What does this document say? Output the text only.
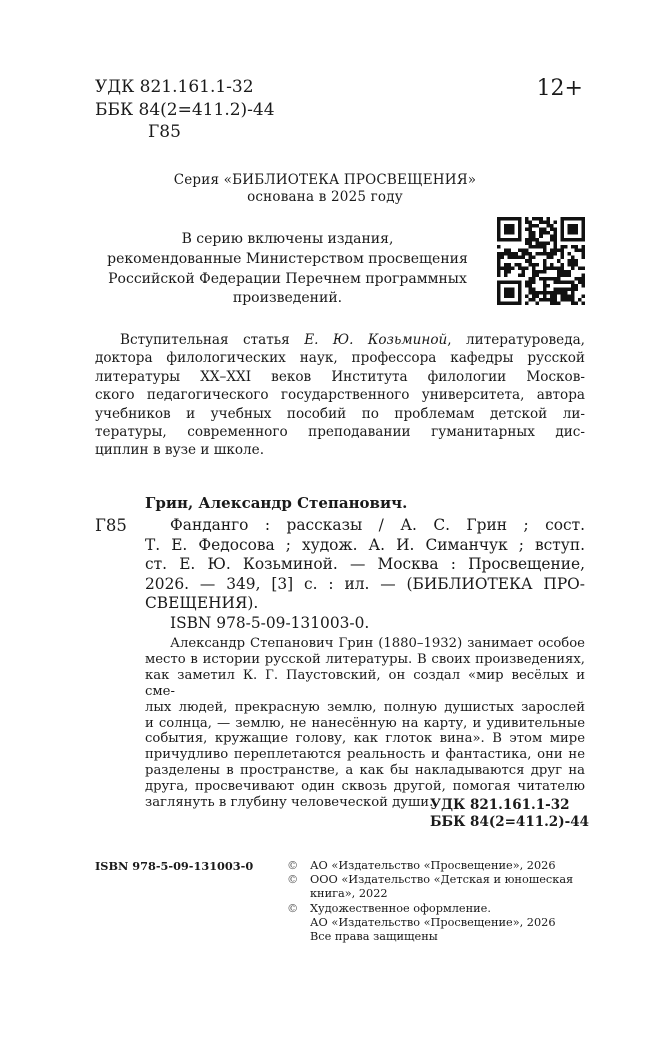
УДК 821.161.1-32
ББК 84(2=411.2)-44
Г85
12+
Серия «БИБЛИОТЕКА ПРОСВЕЩЕНИЯ»
основана в 2025 году
В серию включены издания,
рекомендованные Министерством просвещения
Российской Федерации Перечнем программных
произведений.
Вступительная статья Е. Ю. Козьминой, литературоведа,
доктора филологических наук, профессора кафедры русской
литературы XX–XXI веков Института филологии Москов-
ского педагогического государственного университета, автора
учебников и учебных пособий по проблемам детской ли-
тературы, современного преподавании гуманитарных дис-
циплин в вузе и школе.
Грин, Александр Степанович.
Г85	Фанданго : рассказы / А. С. Грин ; сост.
Т. Е. Федосова ; худож. А. И. Симанчук ; вступ.
ст. Е. Ю. Козьминой. — Москва : Просвещение,
2026. — 349, [3] с. : ил. — (БИБЛИОТЕКА ПРО-
СВЕЩЕНИЯ).
ISBN 978-5-09-131003-0.
Александр Степанович Грин (1880–1932) занимает особое
место в истории русской литературы. В своих произведениях,
как заметил К. Г. Паустовский, он создал «мир весёлых и сме-
лых людей, прекрасную землю, полную душистых зарослей
и солнца, — землю, не нанесённую на карту, и удивительные
события, кружащие голову, как глоток вина». В этом мире
причудливо переплетаются реальность и фантастика, они не
разделены в пространстве, а как бы накладываются друг на
друга, просвечивают один сквозь другой, помогая читателю
заглянуть в глубину человеческой души.
УДК 821.161.1-32
ББК 84(2=411.2)-44
ISBN 978-5-09-131003-0	©	АО «Издательство «Просвещение», 2026
©	ООО «Издательство «Детская и юношеская
книга», 2022
©	Художественное оформление.
АО «Издательство «Просвещение», 2026
Все права защищены
